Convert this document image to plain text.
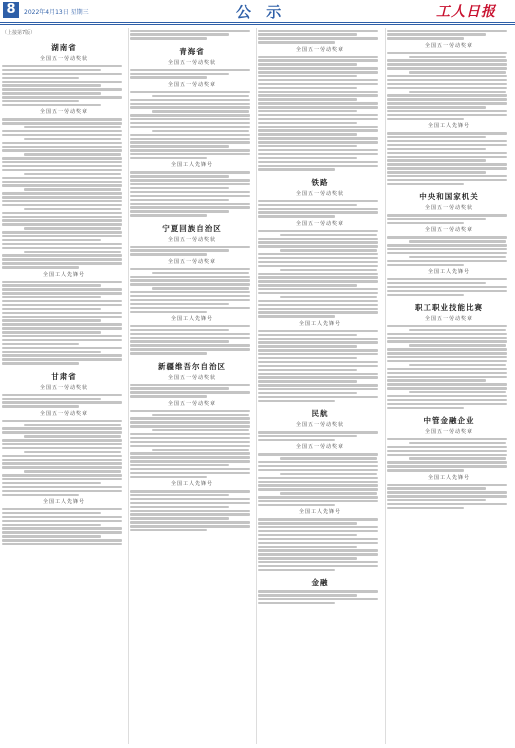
8	2022年4月13日 星期三	公 示	工人日报
（上接第7版）
湖南省
全国五一劳动奖状
全国五一劳动奖章
全国工人先锋号
甘肃省
全国五一劳动奖状
全国五一劳动奖章
全国工人先锋号
青海省
全国五一劳动奖状
全国五一劳动奖章
全国工人先锋号
宁夏回族自治区
全国五一劳动奖状
全国五一劳动奖章
全国工人先锋号
新疆维吾尔自治区
全国五一劳动奖状
全国五一劳动奖章
全国工人先锋号
全国五一劳动奖章
铁路
全国五一劳动奖状
全国五一劳动奖章
全国工人先锋号
民航
全国五一劳动奖状
全国五一劳动奖章
全国工人先锋号
金融
全国五一劳动奖章
全国工人先锋号
中央和国家机关
全国五一劳动奖状
全国五一劳动奖章
全国工人先锋号
职工职业技能比赛
全国五一劳动奖章
中管金融企业
全国五一劳动奖章
全国工人先锋号
